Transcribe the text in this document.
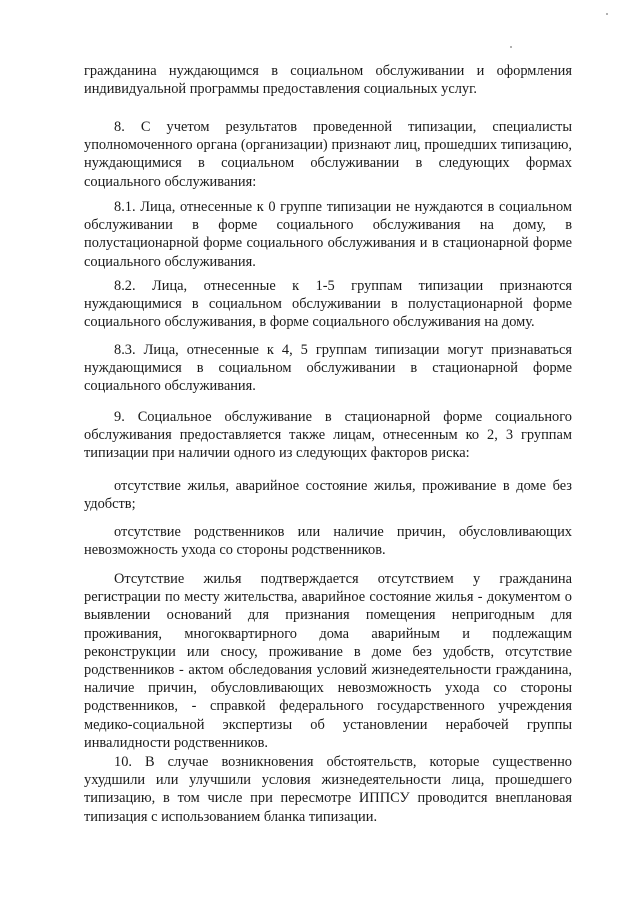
гражданина нуждающимся в социальном обслуживании и оформления индивидуальной программы предоставления социальных услуг.

8. С учетом результатов проведенной типизации, специалисты уполномоченного органа (организации) признают лиц, прошедших типизацию, нуждающимися в социальном обслуживании в следующих формах социального обслуживания:

8.1. Лица, отнесенные к 0 группе типизации не нуждаются в социальном обслуживании в форме социального обслуживания на дому, в полустационарной форме социального обслуживания и в стационарной форме социального обслуживания.

8.2. Лица, отнесенные к 1-5 группам типизации признаются нуждающимися в социальном обслуживании в полустационарной форме социального обслуживания, в форме социального обслуживания на дому.

8.3. Лица, отнесенные к 4, 5 группам типизации могут признаваться нуждающимися в социальном обслуживании в стационарной форме социального обслуживания.

9. Социальное обслуживание в стационарной форме социального обслуживания предоставляется также лицам, отнесенным ко 2, 3 группам типизации при наличии одного из следующих факторов риска:

отсутствие жилья, аварийное состояние жилья, проживание в доме без удобств;

отсутствие родственников или наличие причин, обусловливающих невозможность ухода со стороны родственников.

Отсутствие жилья подтверждается отсутствием у гражданина регистрации по месту жительства, аварийное состояние жилья - документом о выявлении оснований для признания помещения непригодным для проживания, многоквартирного дома аварийным и подлежащим реконструкции или сносу, проживание в доме без удобств, отсутствие родственников - актом обследования условий жизнедеятельности гражданина, наличие причин, обусловливающих невозможность ухода со стороны родственников, - справкой федерального государственного учреждения медико-социальной экспертизы об установлении нерабочей группы инвалидности родственников.

10. В случае возникновения обстоятельств, которые существенно ухудшили или улучшили условия жизнедеятельности лица, прошедшего типизацию, в том числе при пересмотре ИППСУ проводится внеплановая типизация с использованием бланка типизации.
